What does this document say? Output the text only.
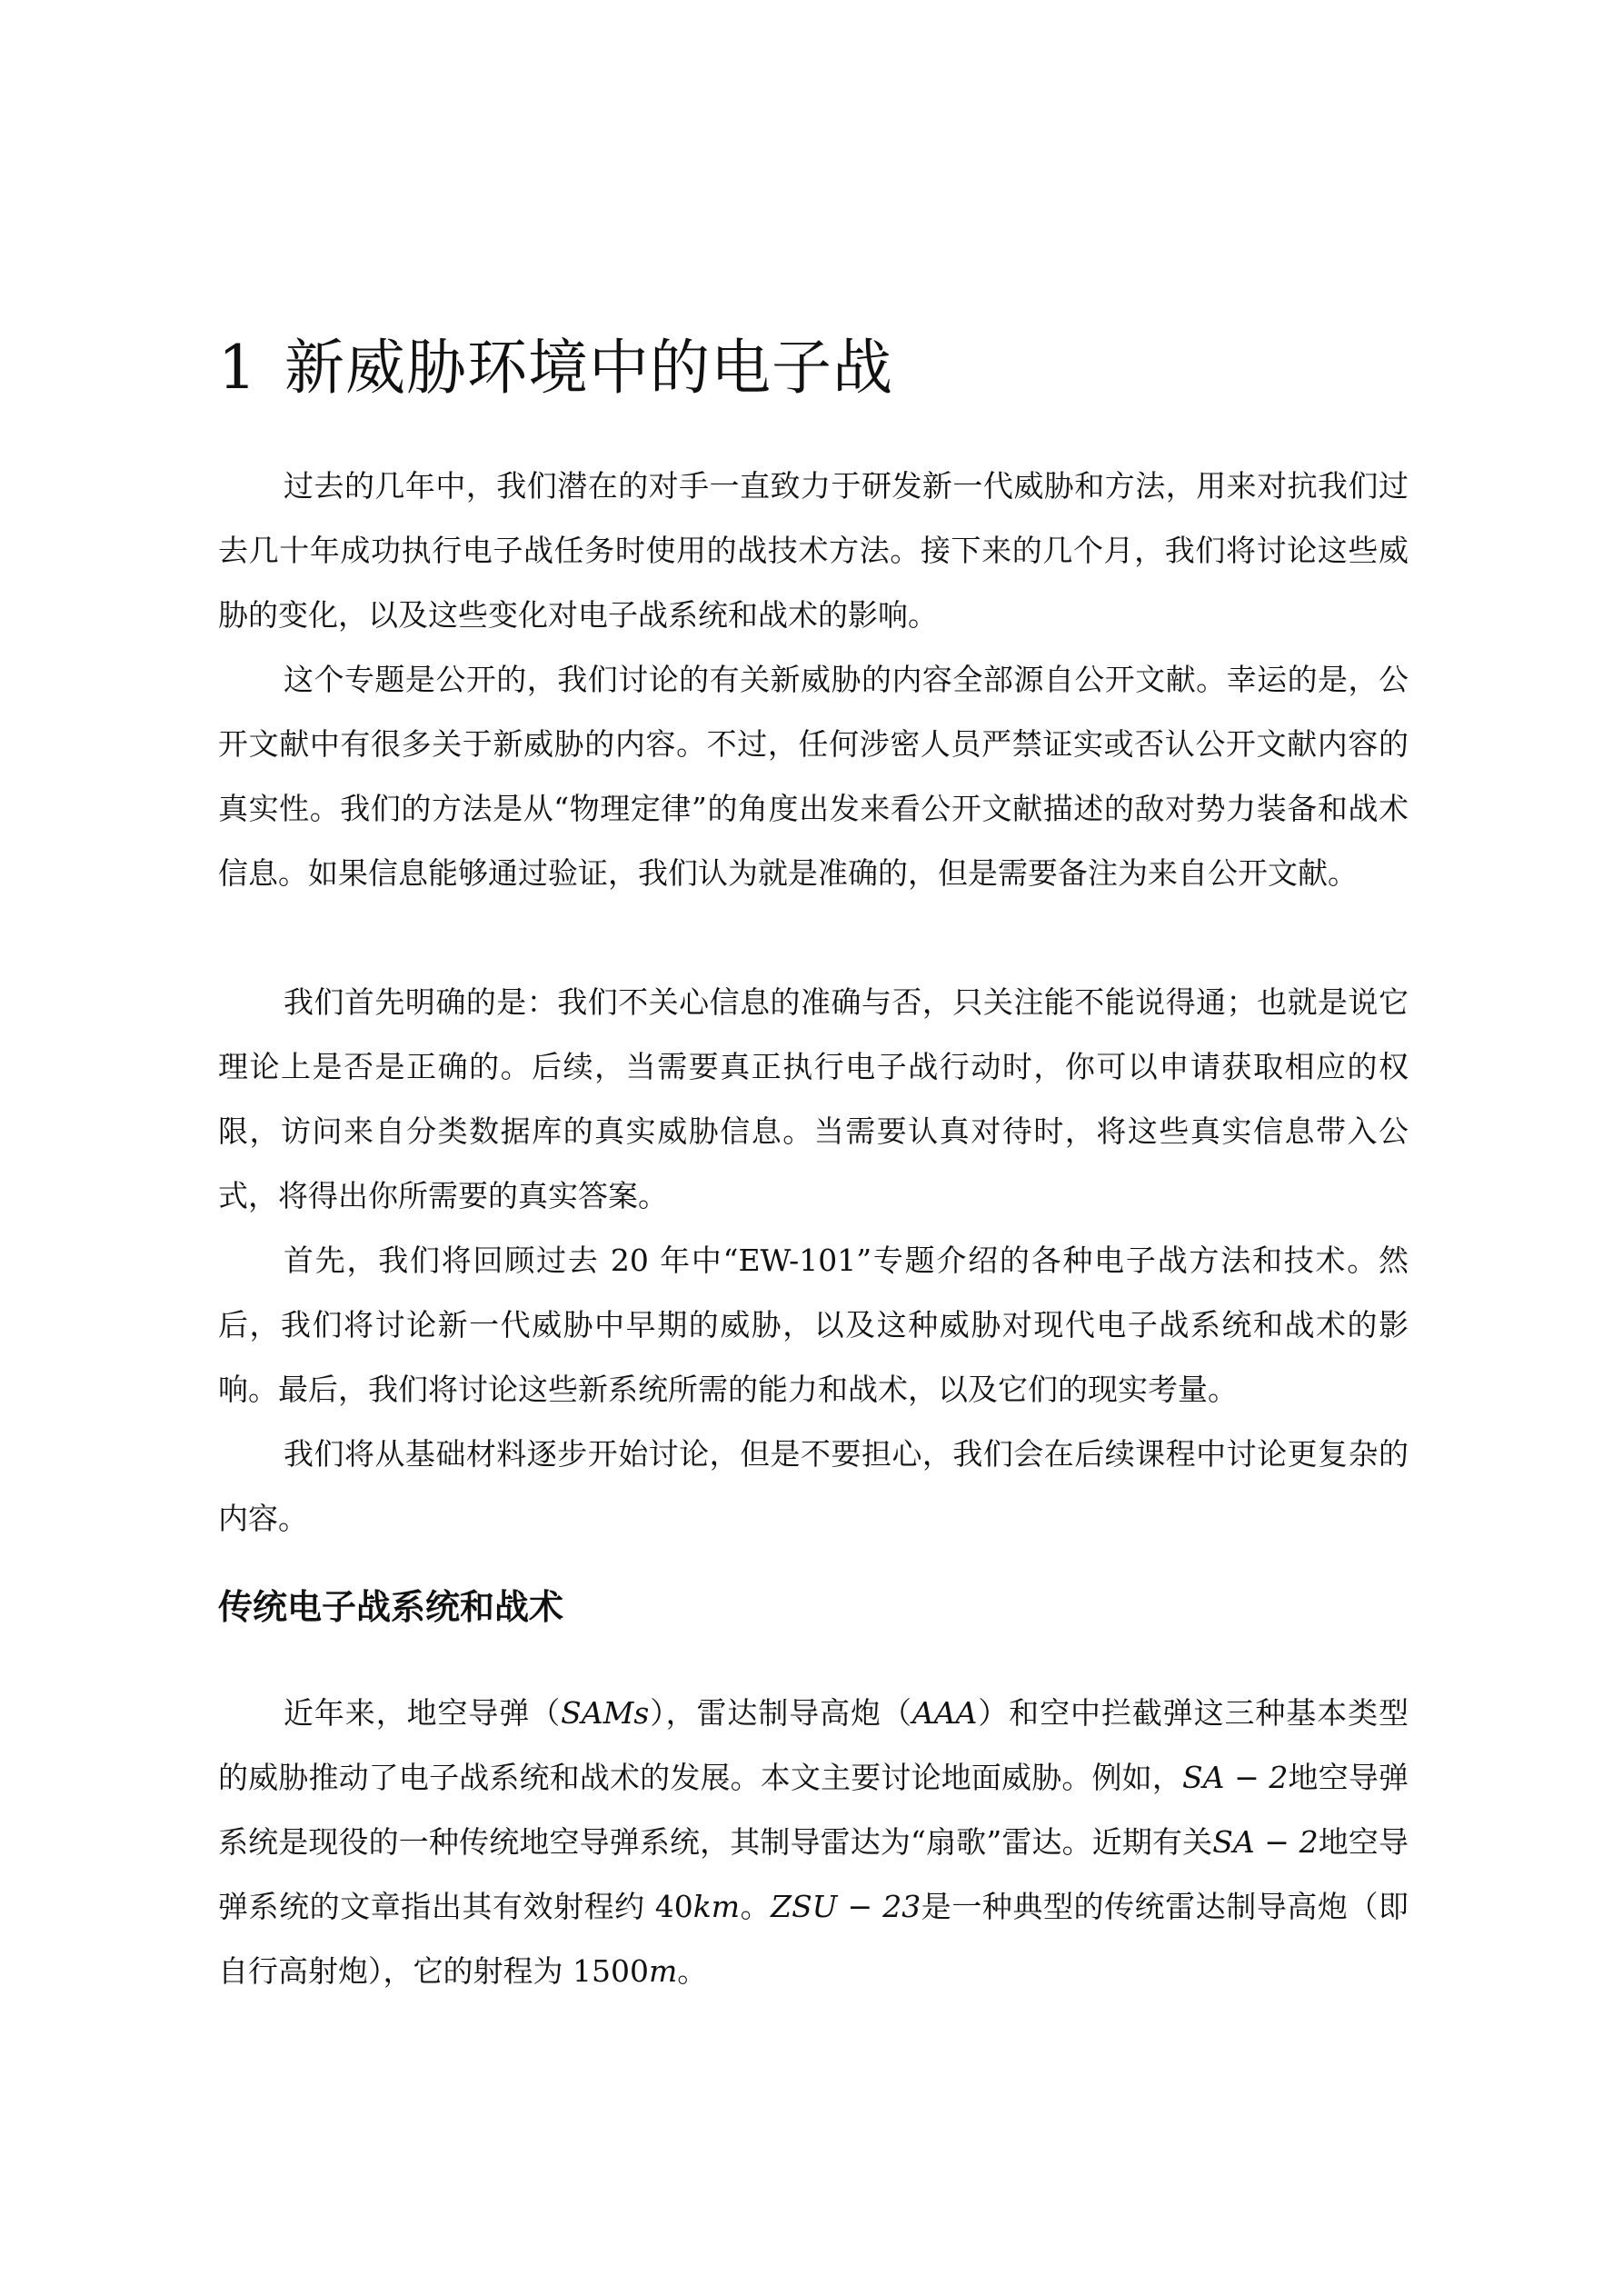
1 新威胁环境中的电子战

过去的几年中，我们潜在的对手一直致力于研发新一代威胁和方法，用来对抗我们过去几十年成功执行电子战任务时使用的战技术方法。接下来的几个月，我们将讨论这些威胁的变化，以及这些变化对电子战系统和战术的影响。

这个专题是公开的，我们讨论的有关新威胁的内容全部源自公开文献。幸运的是，公开文献中有很多关于新威胁的内容。不过，任何涉密人员严禁证实或否认公开文献内容的真实性。我们的方法是从“物理定律”的角度出发来看公开文献描述的敌对势力装备和战术信息。如果信息能够通过验证，我们认为就是准确的，但是需要备注为来自公开文献。

我们首先明确的是：我们不关心信息的准确与否，只关注能不能说得通；也就是说它理论上是否是正确的。后续，当需要真正执行电子战行动时，你可以申请获取相应的权限，访问来自分类数据库的真实威胁信息。当需要认真对待时，将这些真实信息带入公式，将得出你所需要的真实答案。

首先，我们将回顾过去 20 年中“EW-101”专题介绍的各种电子战方法和技术。然后，我们将讨论新一代威胁中早期的威胁，以及这种威胁对现代电子战系统和战术的影响。最后，我们将讨论这些新系统所需的能力和战术，以及它们的现实考量。

我们将从基础材料逐步开始讨论，但是不要担心，我们会在后续课程中讨论更复杂的内容。

传统电子战系统和战术

近年来，地空导弹（SAMs），雷达制导高炮（AAA）和空中拦截弹这三种基本类型的威胁推动了电子战系统和战术的发展。本文主要讨论地面威胁。例如，SA − 2地空导弹系统是现役的一种传统地空导弹系统，其制导雷达为“扇歌”雷达。近期有关SA − 2地空导弹系统的文章指出其有效射程约 40km。ZSU − 23是一种典型的传统雷达制导高炮（即自行高射炮），它的射程为 1500m。
